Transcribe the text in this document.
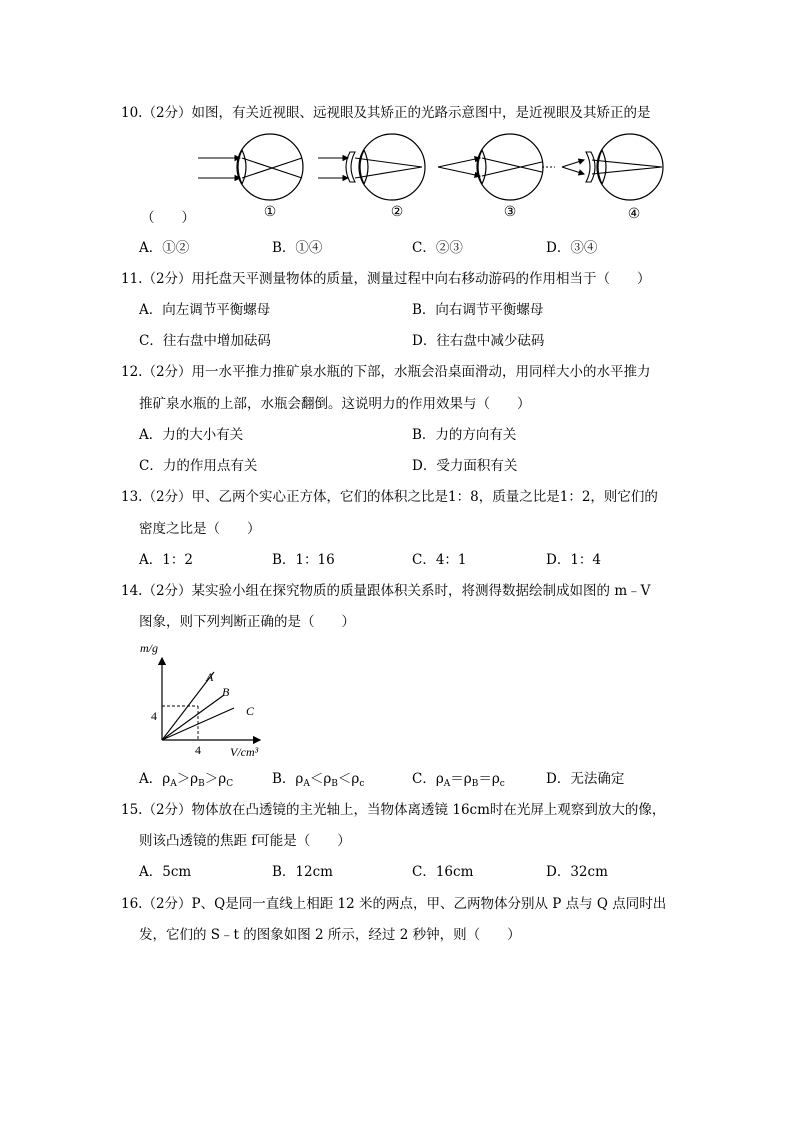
10.（2分）如图，有关近视眼、远视眼及其矫正的光路示意图中，是近视眼及其矫正的是
①	②	③	④
（　　）
A．①②	B．①④	C．②③	D．③④
11.（2分）用托盘天平测量物体的质量，测量过程中向右移动游码的作用相当于（　　）
A．向左调节平衡螺母	B．向右调节平衡螺母
C．往右盘中增加砝码	D．往右盘中减少砝码
12.（2分）用一水平推力推矿泉水瓶的下部，水瓶会沿桌面滑动，用同样大小的水平推力
推矿泉水瓶的上部，水瓶会翻倒。这说明力的作用效果与（　　）
A．力的大小有关	B．力的方向有关
C．力的作用点有关	D．受力面积有关
13.（2分）甲、乙两个实心正方体，它们的体积之比是1：8，质量之比是1：2，则它们的
密度之比是（　　）
A．1：2	B．1：16	C．4：1	D．1：4
14.（2分）某实验小组在探究物质的质量跟体积关系时，将测得数据绘制成如图的 m﹣V
图象，则下列判断正确的是（　　）
m/g
V/cm³
4
4
A
B
C
A．$\rho_A>\rho_B>\rho_C$	B．$\rho_A<\rho_B<\rho_c$	C．$\rho_A=\rho_B=\rho_c$	D．无法确定
15.（2分）物体放在凸透镜的主光轴上，当物体离透镜 16cm时在光屏上观察到放大的像，
则该凸透镜的焦距 f可能是（　　）
A．5cm	B．12cm	C．16cm	D．32cm
16.（2分）P、Q是同一直线上相距 12 米的两点，甲、乙两物体分别从 P 点与 Q 点同时出
发，它们的 S﹣t 的图象如图 2 所示，经过 2 秒钟，则（　　）
